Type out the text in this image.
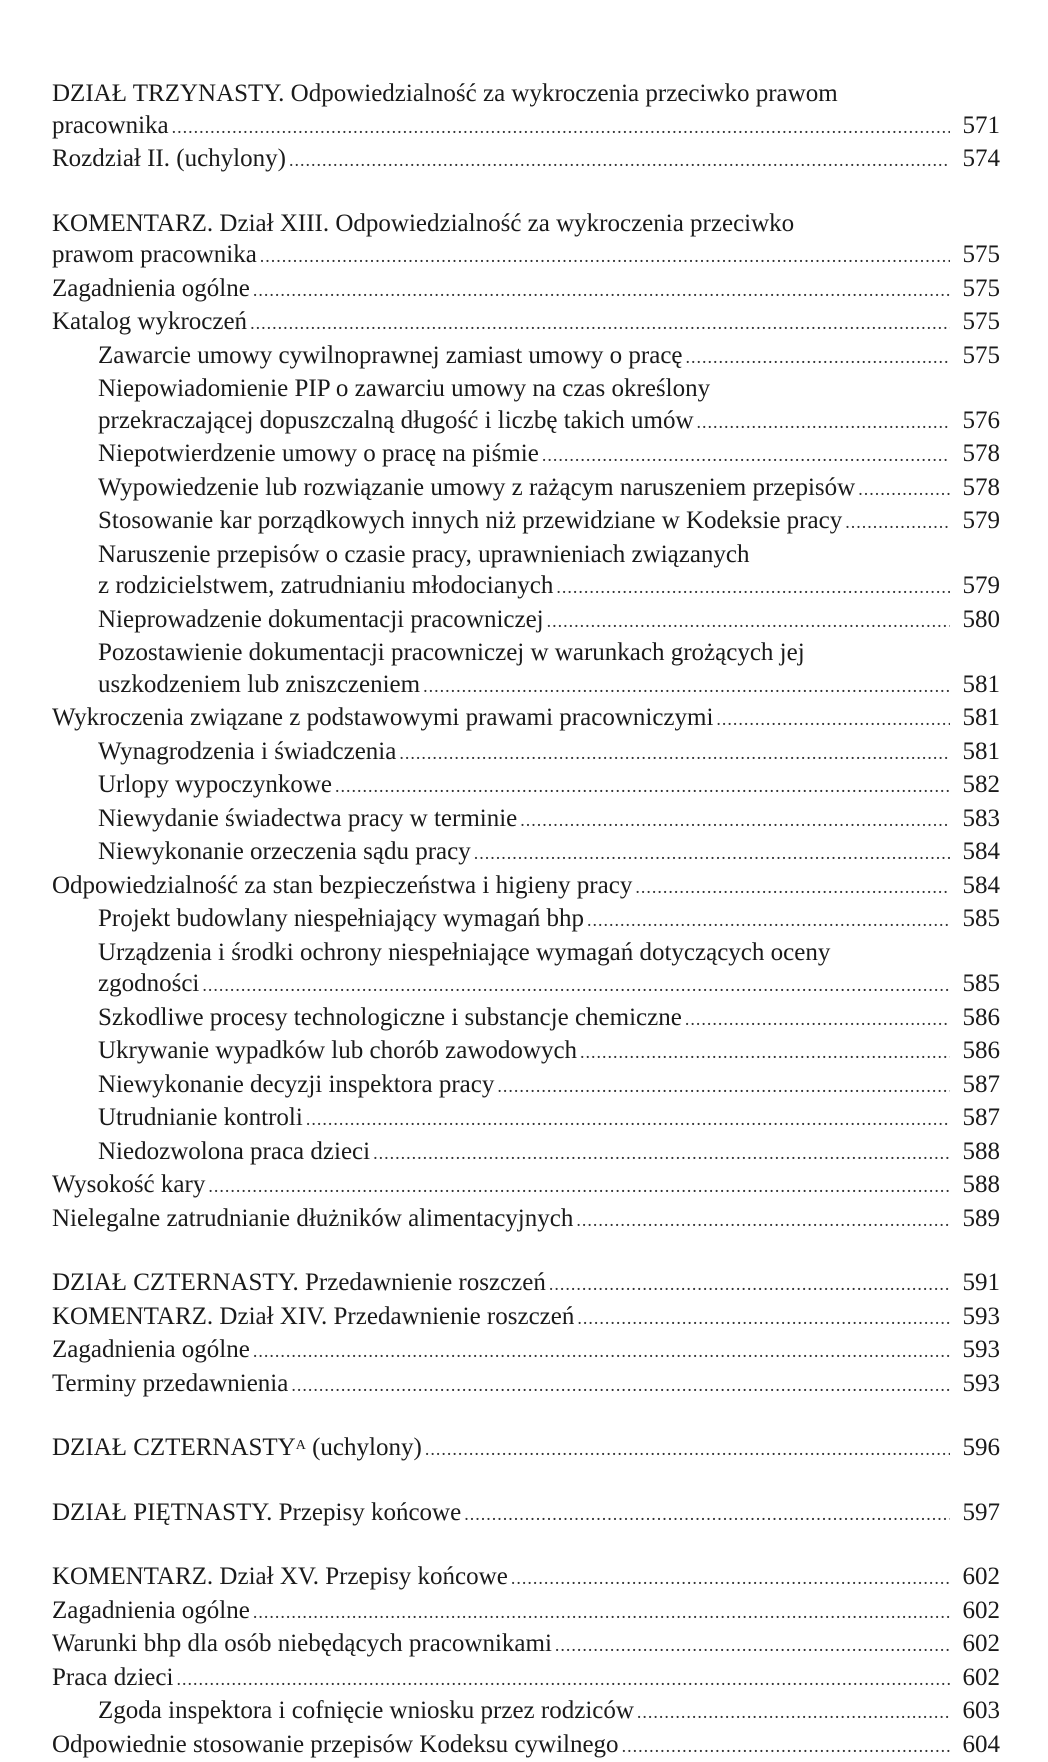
DZIAŁ TRZYNASTY. Odpowiedzialność za wykroczenia przeciwko prawom
pracownika .....	571
Rozdział II. (uchylony) .....	574
KOMENTARZ. Dział XIII. Odpowiedzialność za wykroczenia przeciwko
prawom pracownika .....	575
Zagadnienia ogólne .....	575
Katalog wykroczeń .....	575
Zawarcie umowy cywilnoprawnej zamiast umowy o pracę .....	575
Niepowiadomienie PIP o zawarciu umowy na czas określony
przekraczającej dopuszczalną długość i liczbę takich umów .....	576
Niepotwierdzenie umowy o pracę na piśmie .....	578
Wypowiedzenie lub rozwiązanie umowy z rażącym naruszeniem przepisów .....	578
Stosowanie kar porządkowych innych niż przewidziane w Kodeksie pracy .....	579
Naruszenie przepisów o czasie pracy, uprawnieniach związanych
z rodzicielstwem, zatrudnianiu młodocianych .....	579
Nieprowadzenie dokumentacji pracowniczej .....	580
Pozostawienie dokumentacji pracowniczej w warunkach grożących jej
uszkodzeniem lub zniszczeniem .....	581
Wykroczenia związane z podstawowymi prawami pracowniczymi .....	581
Wynagrodzenia i świadczenia .....	581
Urlopy wypoczynkowe .....	582
Niewydanie świadectwa pracy w terminie .....	583
Niewykonanie orzeczenia sądu pracy .....	584
Odpowiedzialność za stan bezpieczeństwa i higieny pracy .....	584
Projekt budowlany niespełniający wymagań bhp .....	585
Urządzenia i środki ochrony niespełniające wymagań dotyczących oceny
zgodności .....	585
Szkodliwe procesy technologiczne i substancje chemiczne .....	586
Ukrywanie wypadków lub chorób zawodowych .....	586
Niewykonanie decyzji inspektora pracy .....	587
Utrudnianie kontroli .....	587
Niedozwolona praca dzieci .....	588
Wysokość kary .....	588
Nielegalne zatrudnianie dłużników alimentacyjnych .....	589
DZIAŁ CZTERNASTY. Przedawnienie roszczeń .....	591
KOMENTARZ. Dział XIV. Przedawnienie roszczeń .....	593
Zagadnienia ogólne .....	593
Terminy przedawnienia .....	593
DZIAŁ $CZTERNASTY^A$ (uchylony) .....	596
DZIAŁ PIĘTNASTY. Przepisy końcowe .....	597
KOMENTARZ. Dział XV. Przepisy końcowe .....	602
Zagadnienia ogólne .....	602
Warunki bhp dla osób niebędących pracownikami .....	602
Praca dzieci .....	602
Zgoda inspektora i cofnięcie wniosku przez rodziców .....	603
Odpowiednie stosowanie przepisów Kodeksu cywilnego .....	604
